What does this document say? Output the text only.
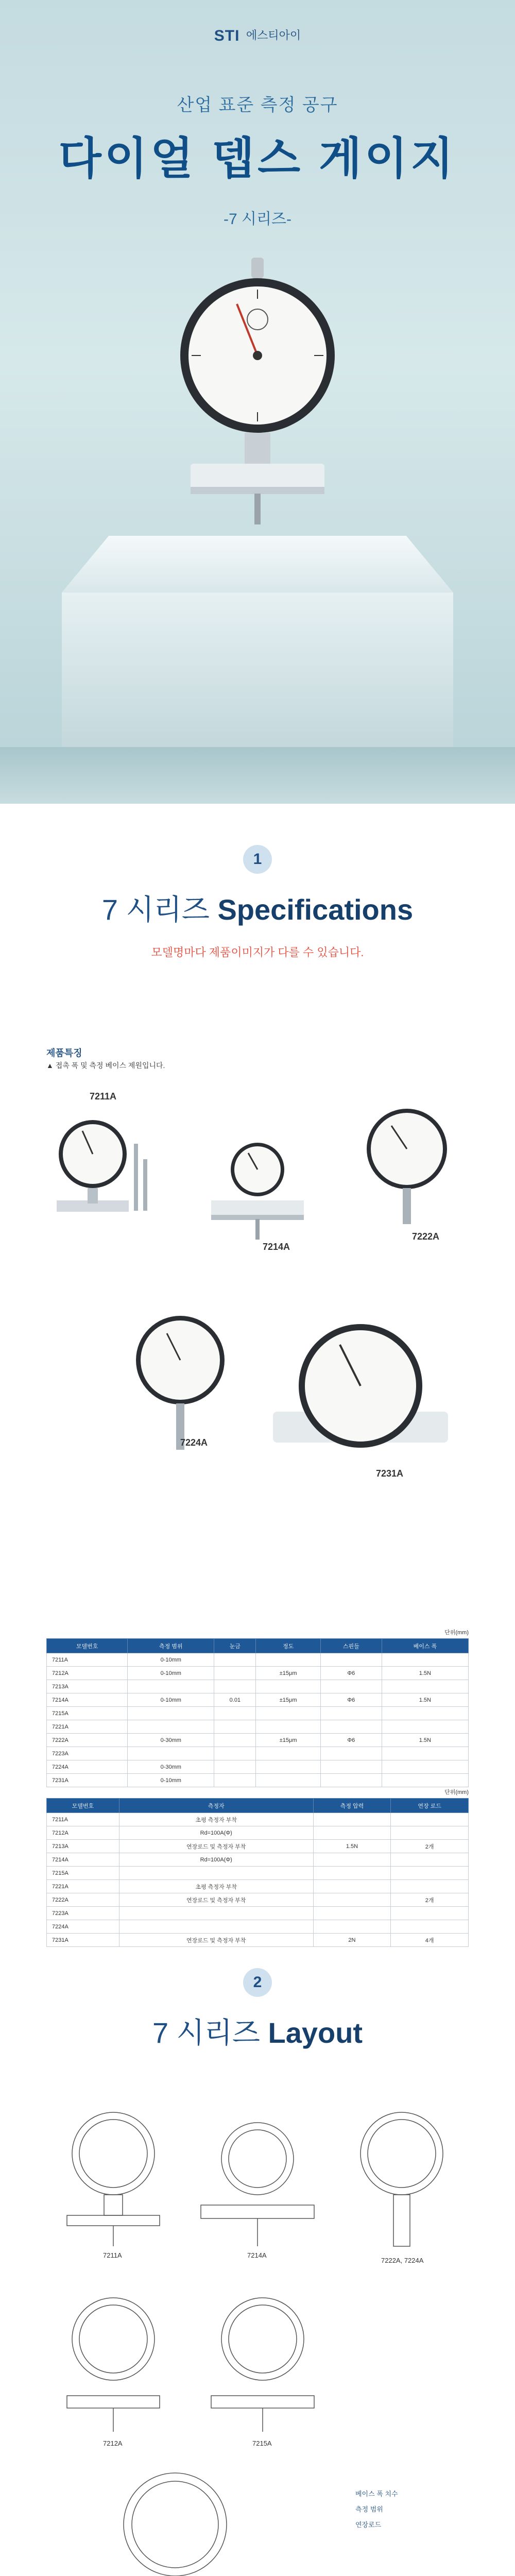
STI 에스티아이
산업 표준 측정 공구
다이얼 뎁스 게이지
-7 시리즈-
1
7 시리즈 Specifications
모델명마다 제품이미지가 다를 수 있습니다.
제품특징
▲ 접촉 폭 및 측정 베이스 제원입니다.
7211A
7214A
7222A
7224A
7231A
단위(mm)
모델번호	측정 범위	눈금	정도	스핀들	베이스 폭
7211A	0-10mm				
7212A	0-10mm		±15μm	Φ6	1.5N
7213A					
7214A	0-10mm	0.01	±15μm	Φ6	1.5N
7215A					
7221A					
7222A	0-30mm		±15μm	Φ6	1.5N
7223A					
7224A	0-30mm				
7231A	0-10mm				
단위(mm)
모델번호	측정자	측정 압력	연장 로드
7211A	초평 측정자 부착		
7212A	Rd=100A(Φ)		
7213A	연장로드 및 측정자 부착	1.5N	2개
7214A	Rd=100A(Φ)		
7215A			
7221A	초평 측정자 부착		
7222A	연장로드 및 측정자 부착		2개
7223A			
7224A			
7231A	연장로드 및 측정자 부착	2N	4개
2
7 시리즈 Layout
7211A	7214A
7222A, 7224A
7212A	7215A
베이스 폭 치수
측정 범위
연장로드
